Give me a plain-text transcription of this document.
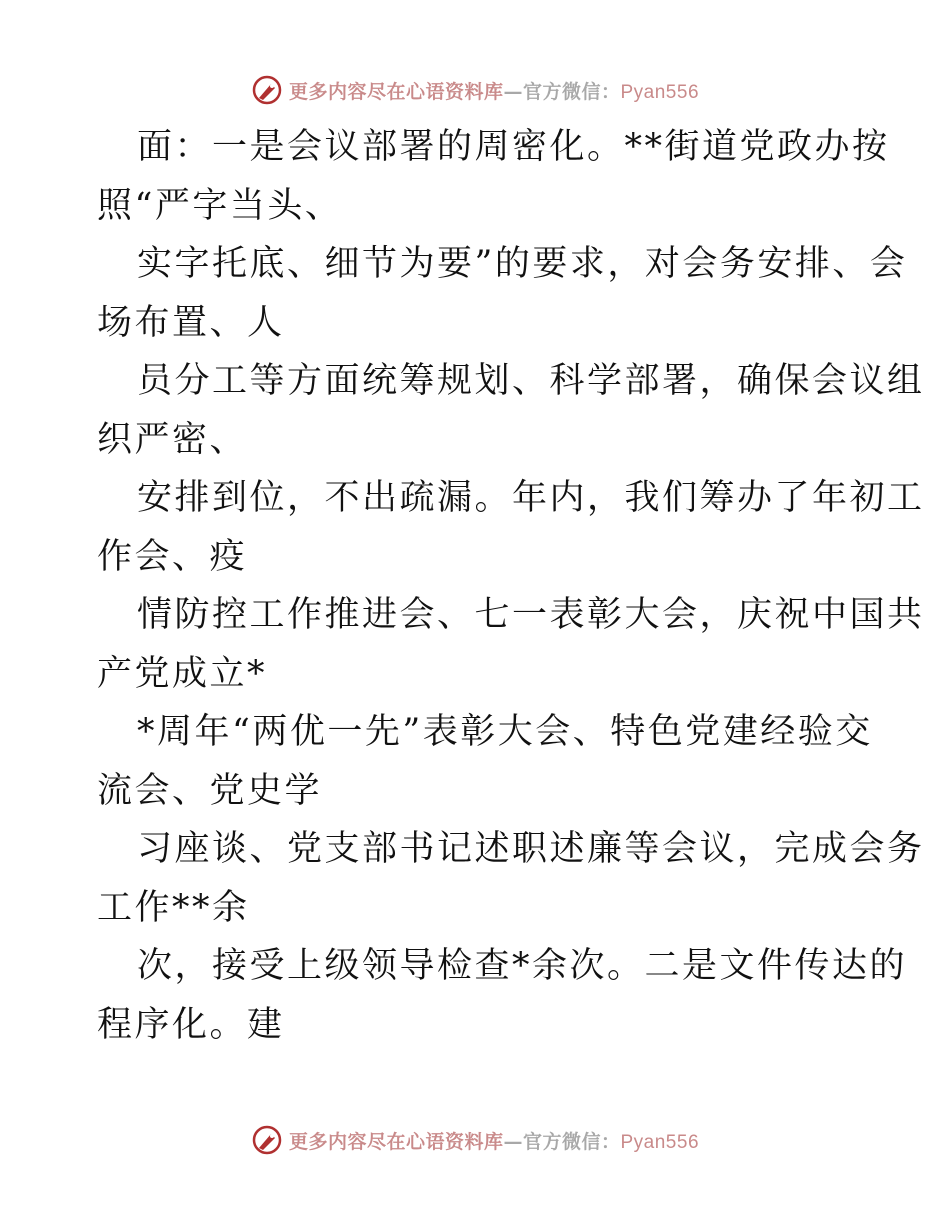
更多内容尽在心语资料库—官方微信：Pyan556
面：一是会议部署的周密化。**街道党政办按
照“严字当头、
实字托底、细节为要”的要求，对会务安排、会
场布置、人
员分工等方面统筹规划、科学部署，确保会议组
织严密、
安排到位，不出疏漏。年内，我们筹办了年初工
作会、疫
情防控工作推进会、七一表彰大会，庆祝中国共
产党成立*
*周年“两优一先”表彰大会、特色党建经验交
流会、党史学
习座谈、党支部书记述职述廉等会议，完成会务
工作**余
次，接受上级领导检查*余次。二是文件传达的
程序化。建
更多内容尽在心语资料库—官方微信：Pyan556
